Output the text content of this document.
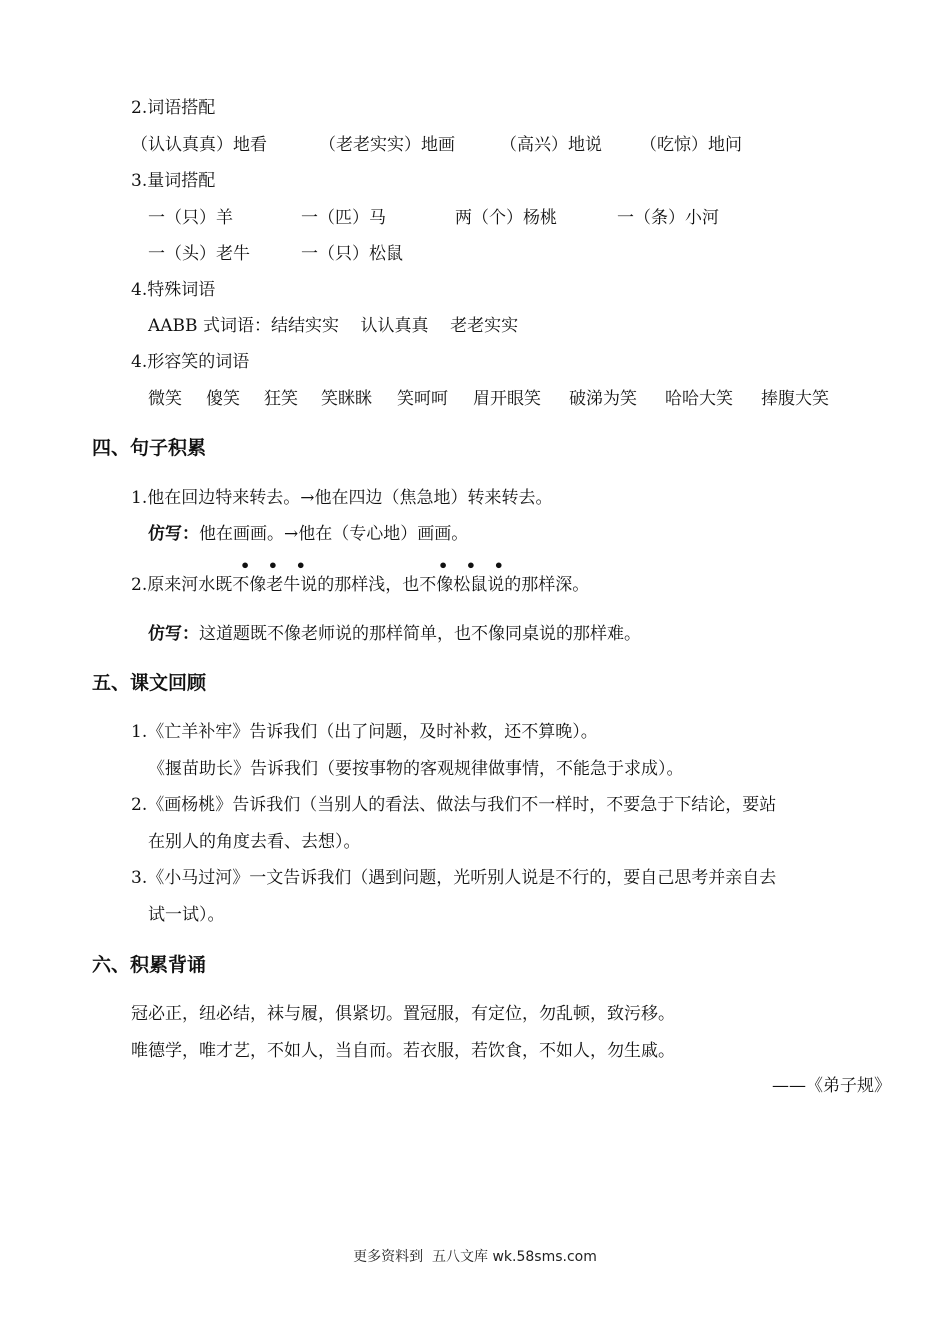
2.词语搭配
（认认真真）地看	（老老实实）地画	（高兴）地说 （吃惊）地问
3.量词搭配
一（只）羊	一（匹）马	两（个）杨桃	一（条）小河
一（头）老牛	一（只）松鼠
4.特殊词语
AABB 式词语：结结实实    认认真真    老老实实
4.形容笑的词语
微笑 傻笑 狂笑 笑眯眯 笑呵呵 眉开眼笑 破涕为笑 哈哈大笑 捧腹大笑
四、句子积累
1.他在回边特来转去。→他在四边（焦急地）转来转去。
仿写：他在画画。→他在（专心地）画画。
• • •	• • •
2.原来河水既不像老牛说的那样浅，也不像松鼠说的那样深。
仿写：这道题既不像老师说的那样简单，也不像同桌说的那样难。
五、课文回顾
1.《亡羊补牢》告诉我们（出了问题，及时补救，还不算晚）。
《揠苗助长》告诉我们（要按事物的客观规律做事情，不能急于求成）。
2.《画杨桃》告诉我们（当别人的看法、做法与我们不一样时，不要急于下结论，要站
在别人的角度去看、去想）。
3.《小马过河》一文告诉我们（遇到问题，光听别人说是不行的，要自己思考并亲自去
试一试）。
六、积累背诵
冠必正，纽必结，袜与履，俱紧切。置冠服，有定位，勿乱顿，致污移。
唯德学，唯才艺，不如人，当自而。若衣服，若饮食，不如人，勿生戚。
——《弟子规》
更多资料到  五八文库 wk.58sms.com
